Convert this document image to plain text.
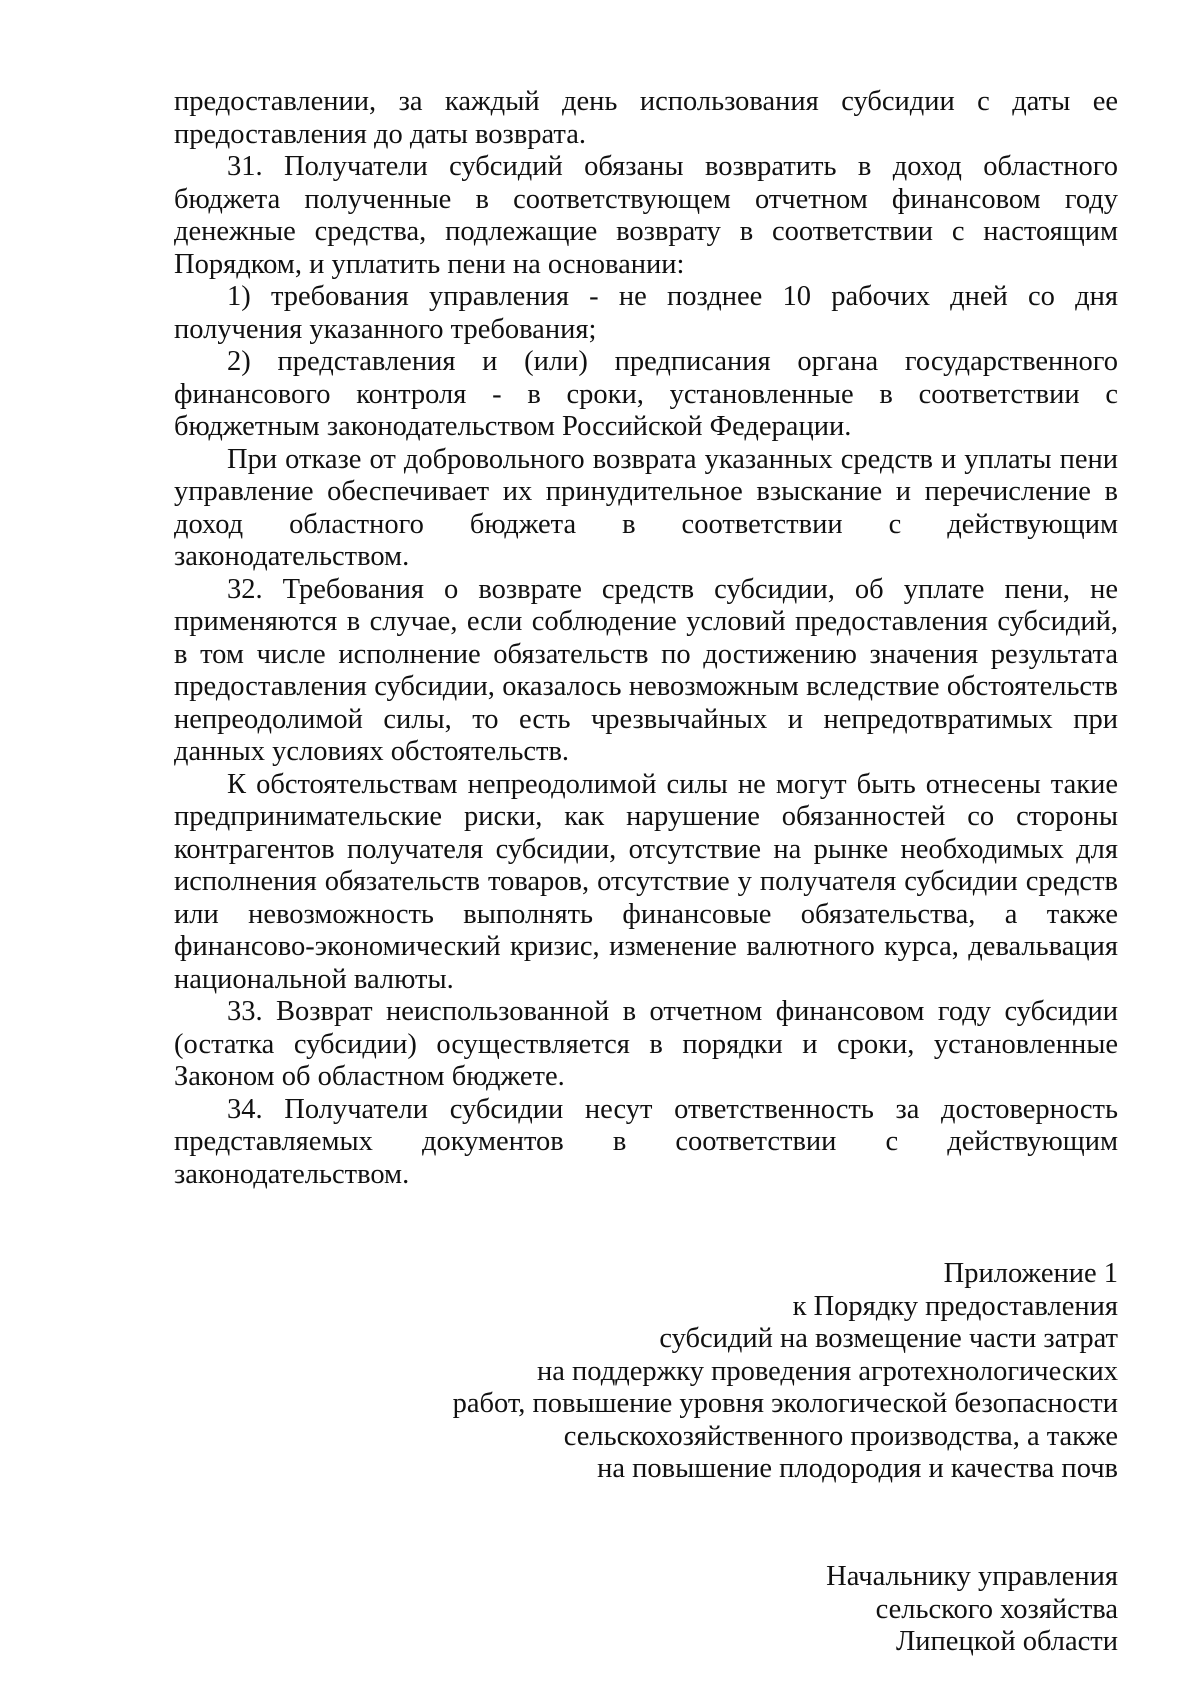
предоставлении, за каждый день использования субсидии с даты ее предоставления до даты возврата.

31. Получатели субсидий обязаны возвратить в доход областного бюджета полученные в соответствующем отчетном финансовом году денежные средства, подлежащие возврату в соответствии с настоящим Порядком, и уплатить пени на основании:

1) требования управления - не позднее 10 рабочих дней со дня получения указанного требования;

2) представления и (или) предписания органа государственного финансового контроля - в сроки, установленные в соответствии с бюджетным законодательством Российской Федерации.

При отказе от добровольного возврата указанных средств и уплаты пени управление обеспечивает их принудительное взыскание и перечисление в доход областного бюджета в соответствии с действующим законодательством.

32. Требования о возврате средств субсидии, об уплате пени, не применяются в случае, если соблюдение условий предоставления субсидий, в том числе исполнение обязательств по достижению значения результата предоставления субсидии, оказалось невозможным вследствие обстоятельств непреодолимой силы, то есть чрезвычайных и непредотвратимых при данных условиях обстоятельств.

К обстоятельствам непреодолимой силы не могут быть отнесены такие предпринимательские риски, как нарушение обязанностей со стороны контрагентов получателя субсидии, отсутствие на рынке необходимых для исполнения обязательств товаров, отсутствие у получателя субсидии средств или невозможность выполнять финансовые обязательства, а также финансово-экономический кризис, изменение валютного курса, девальвация национальной валюты.

33. Возврат неиспользованной в отчетном финансовом году субсидии (остатка субсидии) осуществляется в порядки и сроки, установленные Законом об областном бюджете.

34. Получатели субсидии несут ответственность за достоверность представляемых документов в соответствии с действующим законодательством.

Приложение 1
к Порядку предоставления
субсидий на возмещение части затрат
на поддержку проведения агротехнологических
работ, повышение уровня экологической безопасности
сельскохозяйственного производства, а также
на повышение плодородия и качества почв
Начальнику управления
сельского хозяйства
Липецкой области
